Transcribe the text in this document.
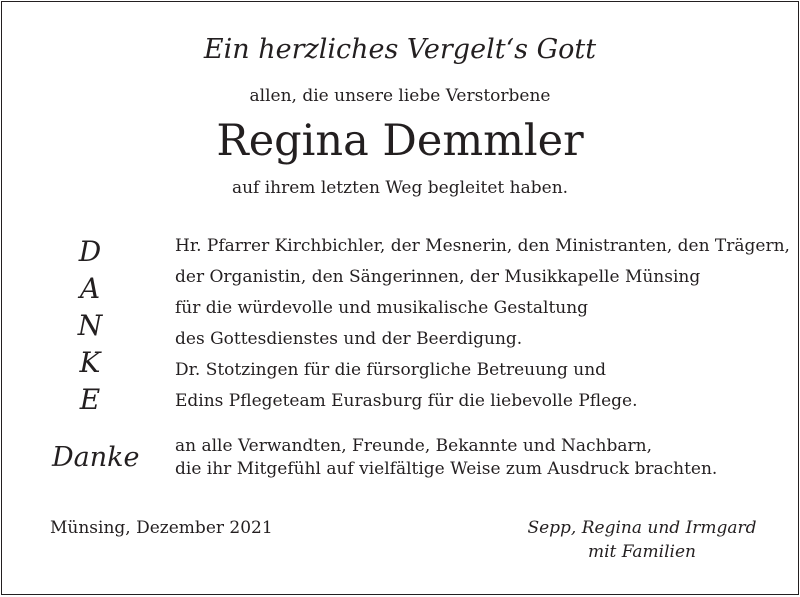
Ein herzliches Vergelt‘s Gott
allen, die unsere liebe Verstorbene
Regina Demmler
auf ihrem letzten Weg begleitet haben.
D
A
N
K
E
Hr. Pfarrer Kirchbichler, der Mesnerin, den Ministranten, den Trägern,
der Organistin, den Sängerinnen, der Musikkapelle Münsing
für die würdevolle und musikalische Gestaltung
des Gottesdienstes und der Beerdigung.
Dr. Stotzingen für die fürsorgliche Betreuung und
Edins Pflegeteam Eurasburg für die liebevolle Pflege.
Danke an alle Verwandten, Freunde, Bekannte und Nachbarn,
die ihr Mitgefühl auf vielfältige Weise zum Ausdruck brachten.
Münsing, Dezember 2021	Sepp, Regina und Irmgard
mit Familien
